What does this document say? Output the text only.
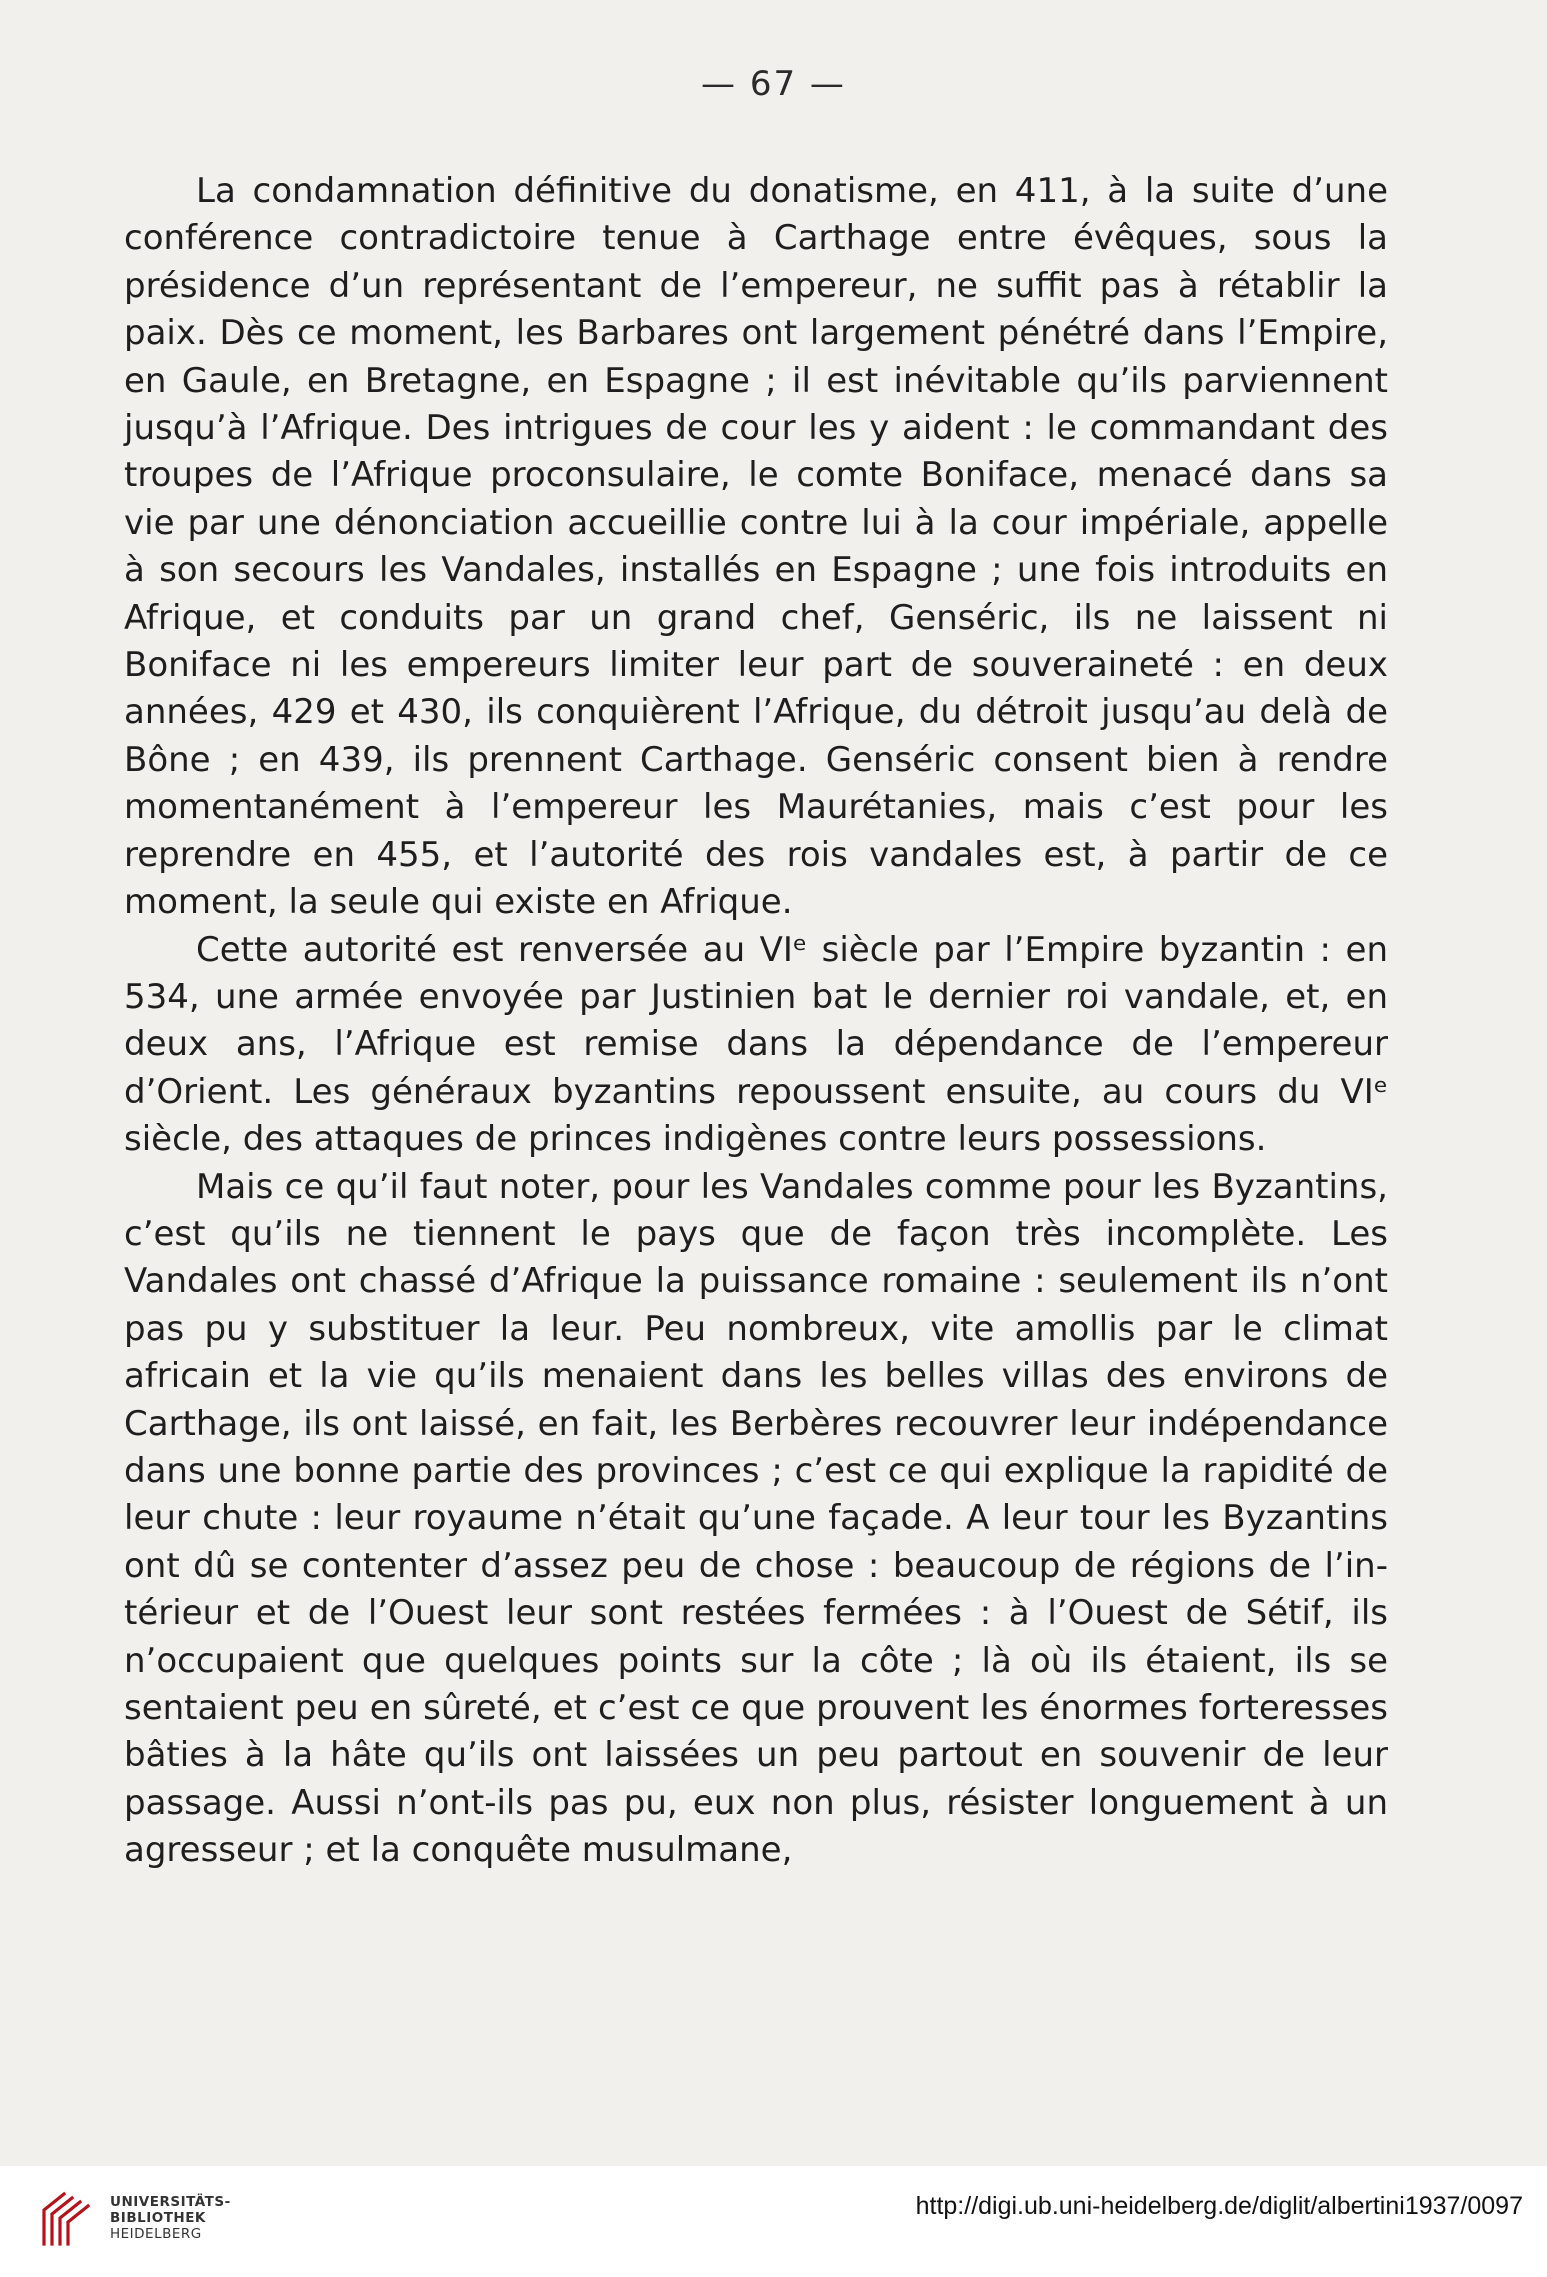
— 67 —

La condamnation définitive du donatisme, en 411, à la suite d’une conférence contradictoire tenue à Carthage entre évêques, sous la présidence d’un représentant de l’empereur, ne suffit pas à rétablir la paix. Dès ce moment, les Barbares ont largement pénétré dans l’Empire, en Gaule, en Bretagne, en Espagne ; il est inévitable qu’ils parviennent jusqu’à l’Afrique. Des intrigues de cour les y aident : le commandant des troupes de l’Afrique proconsulaire, le comte Boniface, menacé dans sa vie par une dénonciation accueillie contre lui à la cour impériale, appelle à son secours les Vandales, installés en Espagne ; une fois introduits en Afrique, et conduits par un grand chef, Genséric, ils ne laissent ni Boniface ni les empereurs limiter leur part de souveraineté : en deux années, 429 et 430, ils conquièrent l’Afrique, du détroit jusqu’au delà de Bône ; en 439, ils prennent Carthage. Genséric consent bien à rendre momentanément à l’empereur les Maurétanies, mais c’est pour les reprendre en 455, et l’autorité des rois vandales est, à partir de ce moment, la seule qui existe en Afrique.

Cette autorité est renversée au VIᵉ siècle par l’Empire byzantin : en 534, une armée envoyée par Justinien bat le dernier roi vandale, et, en deux ans, l’Afrique est remise dans la dépendance de l’empereur d’Orient. Les généraux byzantins repoussent ensuite, au cours du VIᵉ siècle, des attaques de princes indigènes contre leurs possessions.

Mais ce qu’il faut noter, pour les Vandales comme pour les Byzantins, c’est qu’ils ne tiennent le pays que de façon très incomplète. Les Vandales ont chassé d’Afrique la puissance romaine : seulement ils n’ont pas pu y substituer la leur. Peu nombreux, vite amollis par le climat africain et la vie qu’ils menaient dans les belles villas des environs de Carthage, ils ont laissé, en fait, les Berbères recouvrer leur indépendance dans une bonne partie des provinces ; c’est ce qui explique la rapidité de leur chute : leur royaume n’était qu’une façade. A leur tour les Byzantins ont dû se contenter d’assez peu de chose : beaucoup de régions de l’intérieur et de l’Ouest leur sont restées fermées : à l’Ouest de Sétif, ils n’occupaient que quelques points sur la côte ; là où ils étaient, ils se sentaient peu en sûreté, et c’est ce que prouvent les énormes forteresses bâties à la hâte qu’ils ont laissées un peu partout en souvenir de leur passage. Aussi n’ont-ils pas pu, eux non plus, résister longuement à un agresseur ; et la conquête musulmane,

UNIVERSITÄTS-
BIBLIOTHEK
HEIDELBERG
http://digi.ub.uni-heidelberg.de/diglit/albertini1937/0097
